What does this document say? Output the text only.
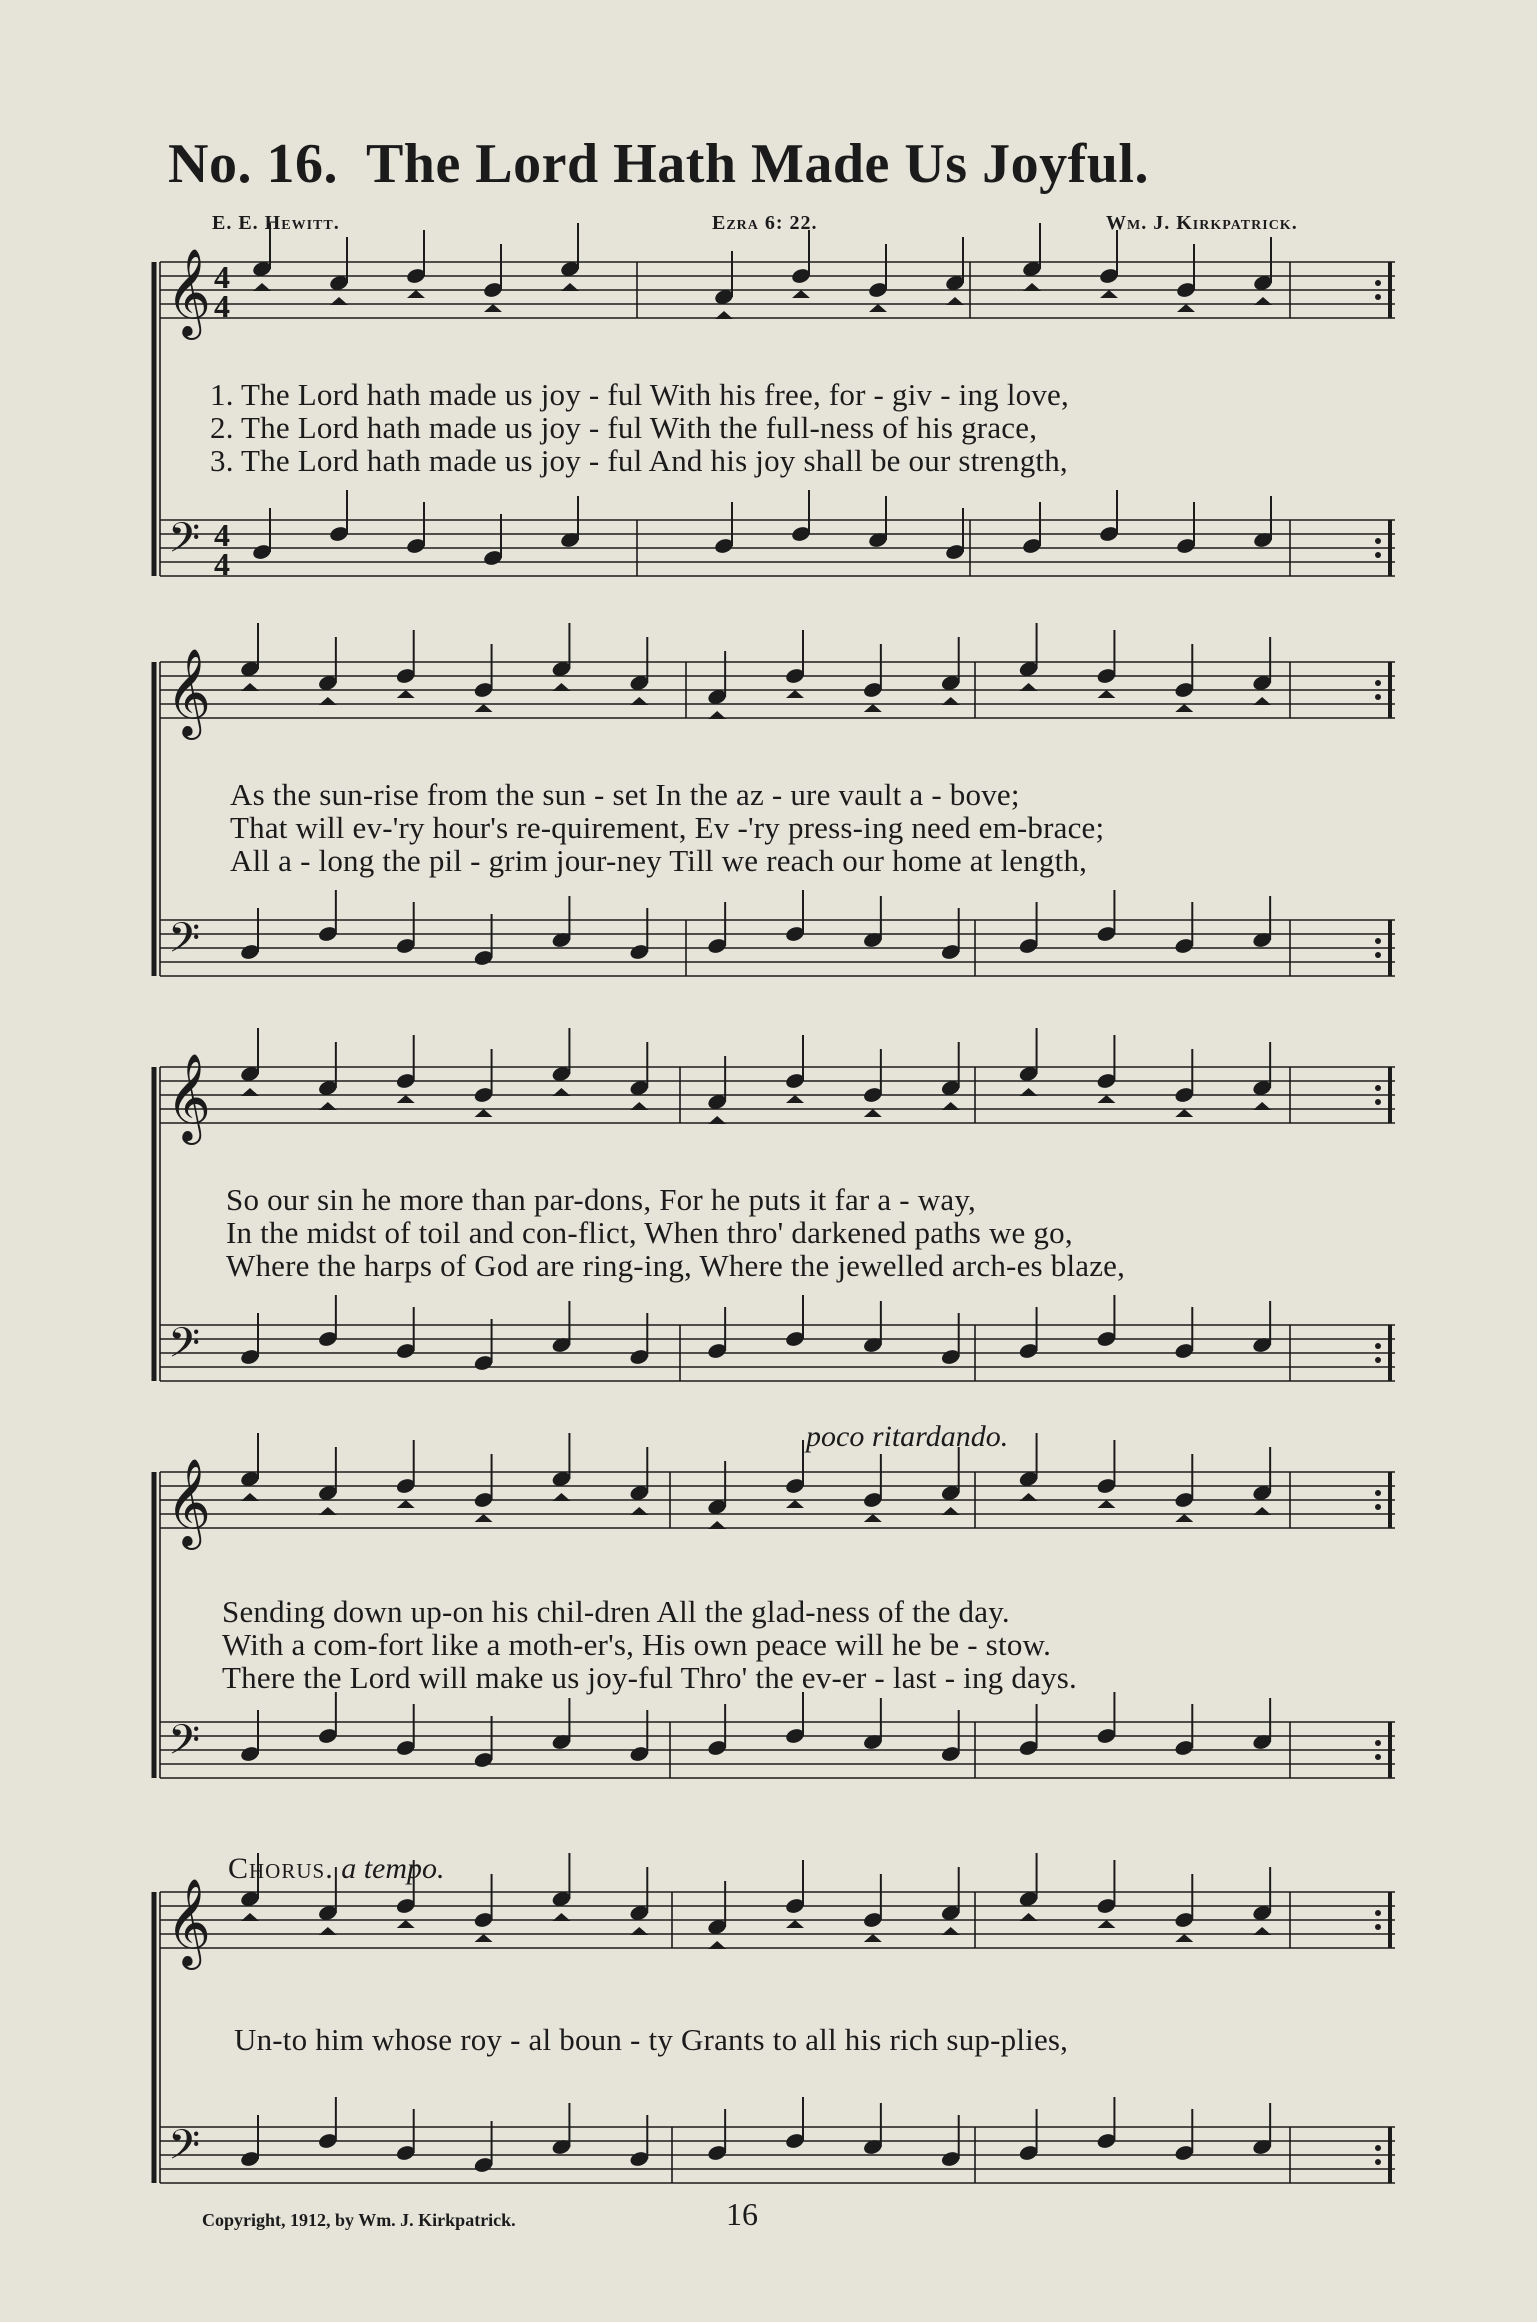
No. 16. The Lord Hath Made Us Joyful.
E. E. Hewitt.	Ezra 6: 22.	Wm. J. Kirkpatrick.
𝄞
𝄢
4
4
4
4
𝄞
𝄢
𝄞
𝄢
𝄞
𝄢
𝄞
𝄢
1. The Lord hath made us joy - ful With his free, for - giv - ing love,
2. The Lord hath made us joy - ful With the full-ness of his grace,
3. The Lord hath made us joy - ful And his joy shall be our strength,
As the sun-rise from the sun - set In the az - ure vault a - bove;
That will ev-'ry hour's re-quirement, Ev -'ry press-ing need em-brace;
All a - long the pil - grim jour-ney Till we reach our home at length,
So our sin he more than par-dons, For he puts it far a - way,
In the midst of toil and con-flict, When thro' darkened paths we go,
Where the harps of God are ring-ing, Where the jewelled arch-es blaze,
poco ritardando.
Sending down up-on his chil-dren All the glad-ness of the day.
With a com-fort like a moth-er's, His own peace will he be - stow.
There the Lord will make us joy-ful Thro' the ev-er - last - ing days.
Chorus. a tempo.
Un-to him whose roy - al boun - ty Grants to all his rich sup-plies,
Copyright, 1912, by Wm. J. Kirkpatrick.	16
